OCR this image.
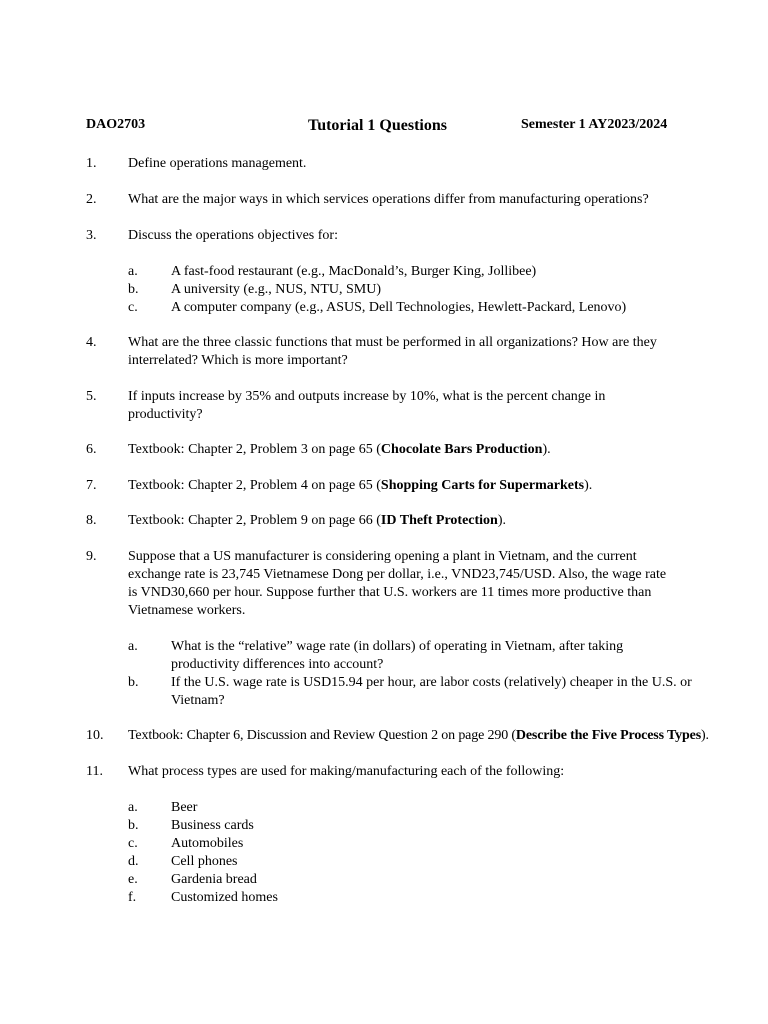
DAO2703	Tutorial 1 Questions	Semester 1 AY2023/2024
1. Define operations management.
2. What are the major ways in which services operations differ from manufacturing operations?
3. Discuss the operations objectives for:
a. A fast-food restaurant (e.g., MacDonald’s, Burger King, Jollibee)
b. A university (e.g., NUS, NTU, SMU)
c. A computer company (e.g., ASUS, Dell Technologies, Hewlett-Packard, Lenovo)
4. What are the three classic functions that must be performed in all organizations? How are they
interrelated? Which is more important?
5. If inputs increase by 35% and outputs increase by 10%, what is the percent change in
productivity?
6. Textbook: Chapter 2, Problem 3 on page 65 (Chocolate Bars Production).
7. Textbook: Chapter 2, Problem 4 on page 65 (Shopping Carts for Supermarkets).
8. Textbook: Chapter 2, Problem 9 on page 66 (ID Theft Protection).
9. Suppose that a US manufacturer is considering opening a plant in Vietnam, and the current
exchange rate is 23,745 Vietnamese Dong per dollar, i.e., VND23,745/USD. Also, the wage rate
is VND30,660 per hour. Suppose further that U.S. workers are 11 times more productive than
Vietnamese workers.
a. What is the “relative” wage rate (in dollars) of operating in Vietnam, after taking
productivity differences into account?
b. If the U.S. wage rate is USD15.94 per hour, are labor costs (relatively) cheaper in the U.S. or
Vietnam?
10. Textbook: Chapter 6, Discussion and Review Question 2 on page 290 (Describe the Five Process Types).
11. What process types are used for making/manufacturing each of the following:
a. Beer
b. Business cards
c. Automobiles
d. Cell phones
e. Gardenia bread
f. Customized homes
